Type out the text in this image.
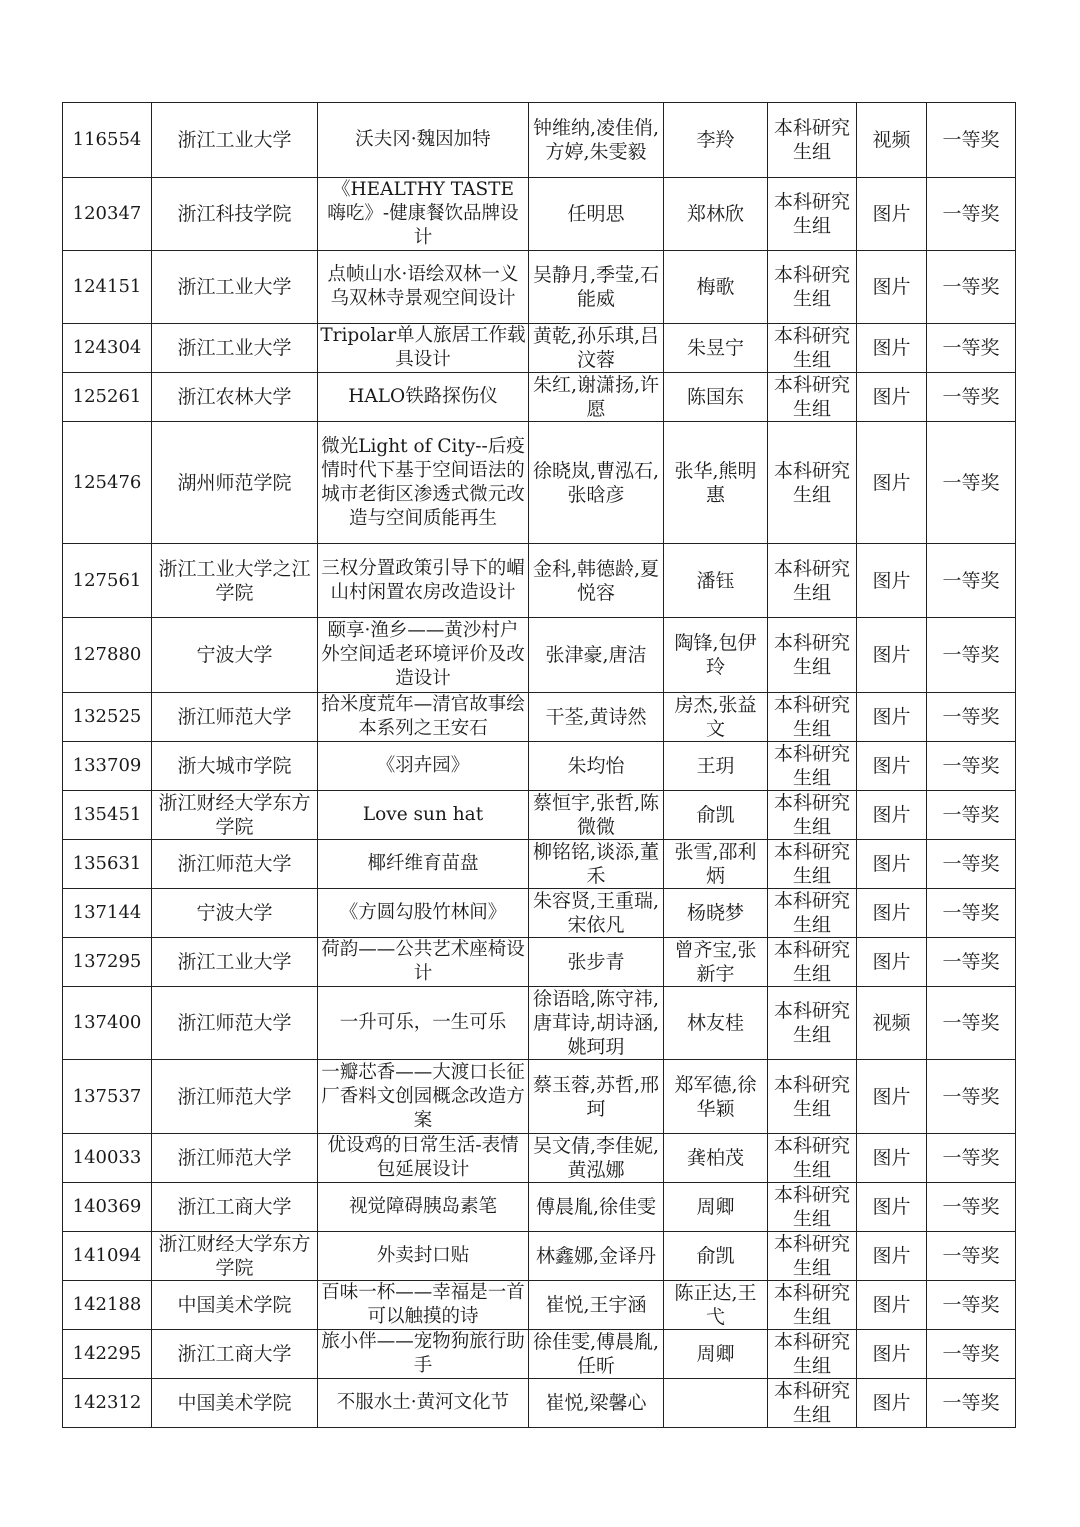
116554	浙江工业大学	沃夫冈·魏因加特	钟维纳,凌佳俏,方婷,朱雯毅	李羚	本科研究生组	视频	一等奖
120347	浙江科技学院	《HEALTHY TASTE 嗨吃》-健康餐饮品牌设计	任明思	郑林欣	本科研究生组	图片	一等奖
124151	浙江工业大学	点帧山水·语绘双林一义乌双林寺景观空间设计	吴静月,季莹,石能威	梅歌	本科研究生组	图片	一等奖
124304	浙江工业大学	Tripolar单人旅居工作载具设计	黄乾,孙乐琪,吕汶蓉	朱昱宁	本科研究生组	图片	一等奖
125261	浙江农林大学	HALO铁路探伤仪	朱红,谢潇扬,许愿	陈国东	本科研究生组	图片	一等奖
125476	湖州师范学院	微光Light of City--后疫情时代下基于空间语法的城市老街区渗透式微元改造与空间质能再生	徐晓岚,曹泓石,张晗彦	张华,熊明惠	本科研究生组	图片	一等奖
127561	浙江工业大学之江学院	三权分置政策引导下的嵋山村闲置农房改造设计	金科,韩德龄,夏悦容	潘钰	本科研究生组	图片	一等奖
127880	宁波大学	颐享·渔乡——黄沙村户外空间适老环境评价及改造设计	张津豪,唐洁	陶锋,包伊玲	本科研究生组	图片	一等奖
132525	浙江师范大学	拾米度荒年—清官故事绘本系列之王安石	干荃,黄诗然	房杰,张益文	本科研究生组	图片	一等奖
133709	浙大城市学院	《羽卉园》	朱均怡	王玥	本科研究生组	图片	一等奖
135451	浙江财经大学东方学院	Love sun hat	蔡恒宇,张哲,陈微微	俞凯	本科研究生组	图片	一等奖
135631	浙江师范大学	椰纤维育苗盘	柳铭铭,谈添,董禾	张雪,邵利炳	本科研究生组	图片	一等奖
137144	宁波大学	《方圆勾股竹林间》	朱容贤,王重瑞,宋依凡	杨晓梦	本科研究生组	图片	一等奖
137295	浙江工业大学	荷韵——公共艺术座椅设计	张步青	曾齐宝,张新宇	本科研究生组	图片	一等奖
137400	浙江师范大学	一升可乐，一生可乐	徐语晗,陈守祎,唐茸诗,胡诗涵,姚珂玥	林友桂	本科研究生组	视频	一等奖
137537	浙江师范大学	一瓣芯香——大渡口长征厂香料文创园概念改造方案	蔡玉蓉,苏哲,邢珂	郑军德,徐华颖	本科研究生组	图片	一等奖
140033	浙江师范大学	优设鸡的日常生活-表情包延展设计	吴文倩,李佳妮,黄泓娜	龚柏茂	本科研究生组	图片	一等奖
140369	浙江工商大学	视觉障碍胰岛素笔	傅晨胤,徐佳雯	周卿	本科研究生组	图片	一等奖
141094	浙江财经大学东方学院	外卖封口贴	林鑫娜,金译丹	俞凯	本科研究生组	图片	一等奖
142188	中国美术学院	百味一杯——幸福是一首可以触摸的诗	崔悦,王宇涵	陈正达,王弋	本科研究生组	图片	一等奖
142295	浙江工商大学	旅小伴——宠物狗旅行助手	徐佳雯,傅晨胤,任昕	周卿	本科研究生组	图片	一等奖
142312	中国美术学院	不服水土·黄河文化节	崔悦,梁馨心		本科研究生组	图片	一等奖
